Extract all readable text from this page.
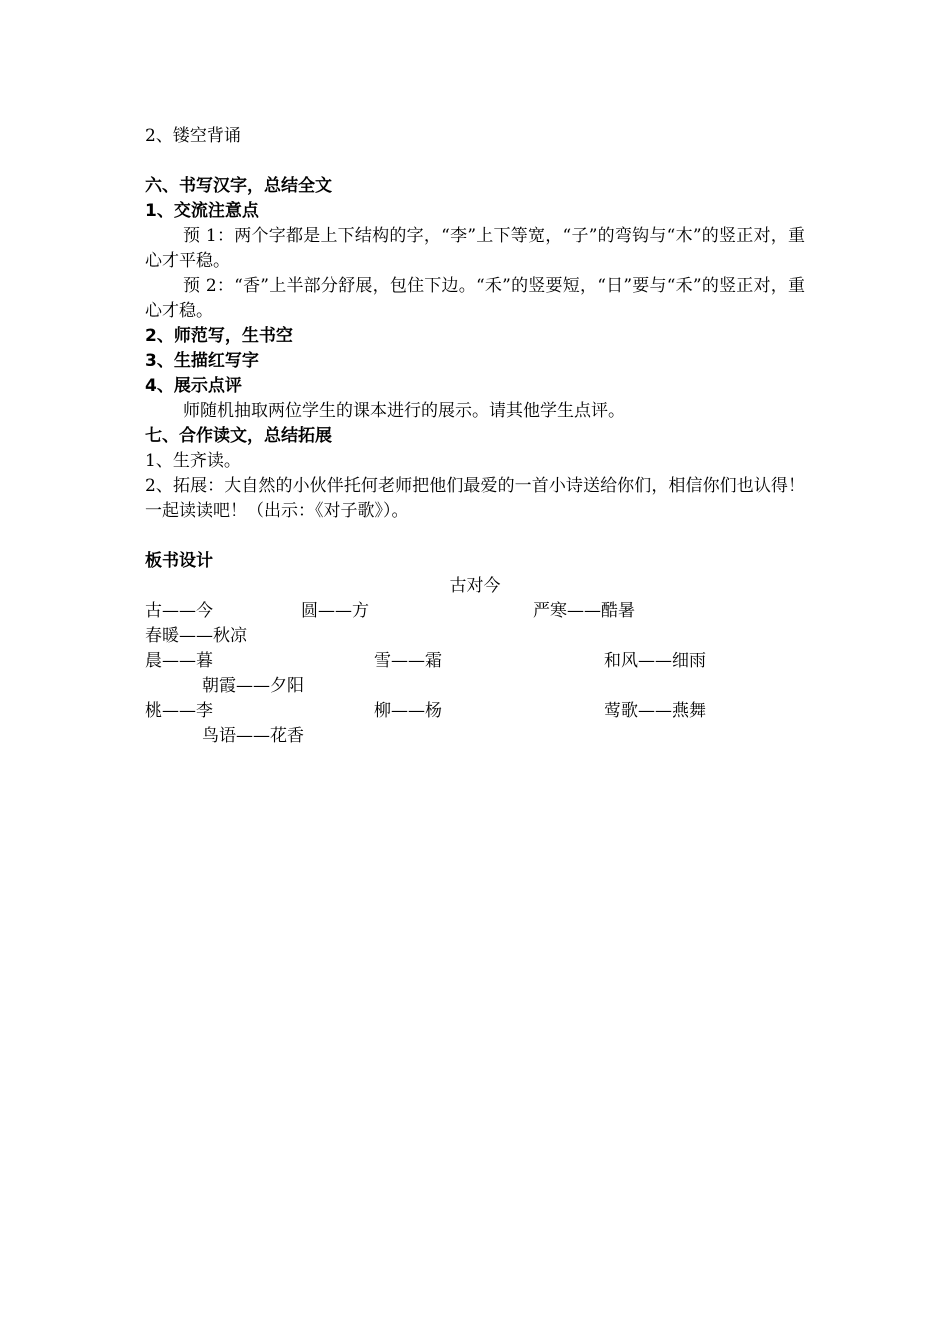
2、镂空背诵
六、书写汉字，总结全文
1、交流注意点
预 1：两个字都是上下结构的字，“李”上下等宽，“子”的弯钩与“木”的竖正对，重心才平稳。
预 2：“香”上半部分舒展，包住下边。“禾”的竖要短，“日”要与“禾”的竖正对，重心才稳。
2、师范写，生书空
3、生描红写字
4、展示点评
师随机抽取两位学生的课本进行的展示。请其他学生点评。
七、合作读文，总结拓展
1、生齐读。
2、拓展：大自然的小伙伴托何老师把他们最爱的一首小诗送给你们，相信你们也认得！一起读读吧！（出示：《对子歌》）。
板书设计
古对今
古——今	圆——方	严寒——酷暑
春暖——秋凉
晨——暮	雪——霜	和风——细雨
朝霞——夕阳
桃——李	柳——杨	莺歌——燕舞
鸟语——花香
